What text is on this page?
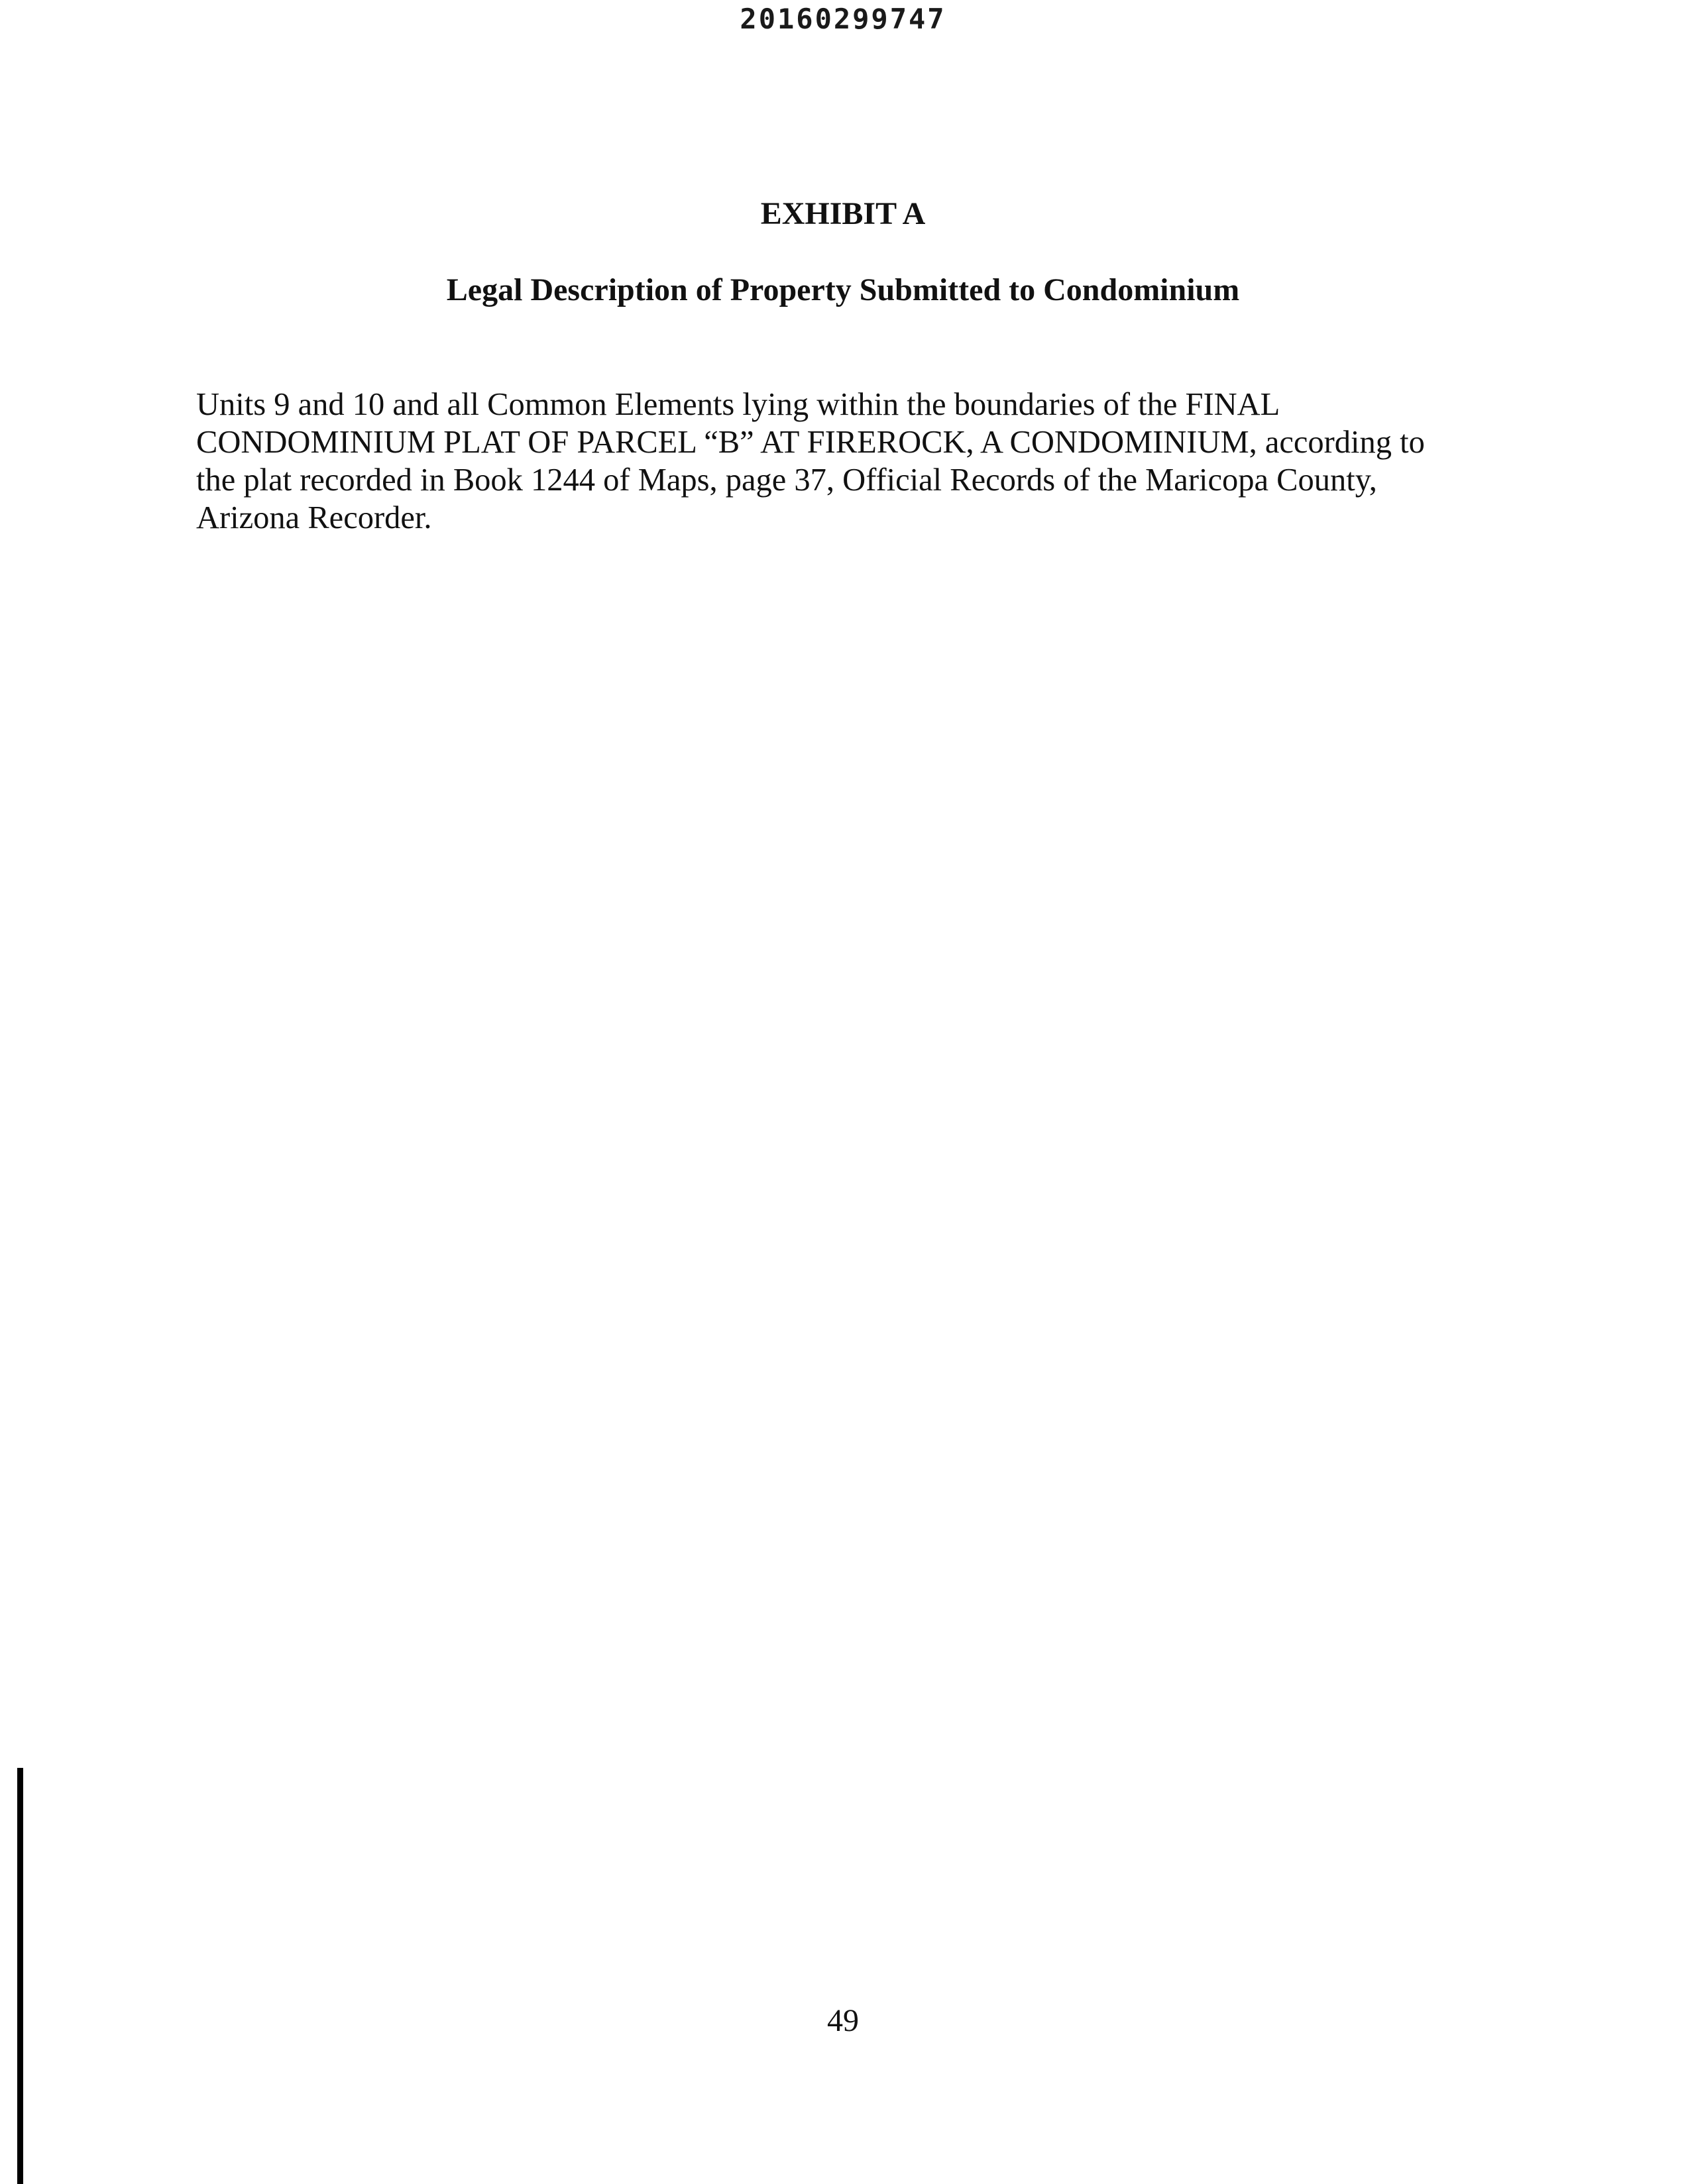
20160299747
EXHIBIT A
Legal Description of Property Submitted to Condominium
Units 9 and 10 and all Common Elements lying within the boundaries of the FINAL
CONDOMINIUM PLAT OF PARCEL “B” AT FIREROCK, A CONDOMINIUM, according to
the plat recorded in Book 1244 of Maps, page 37, Official Records of the Maricopa County,
Arizona Recorder.
49
